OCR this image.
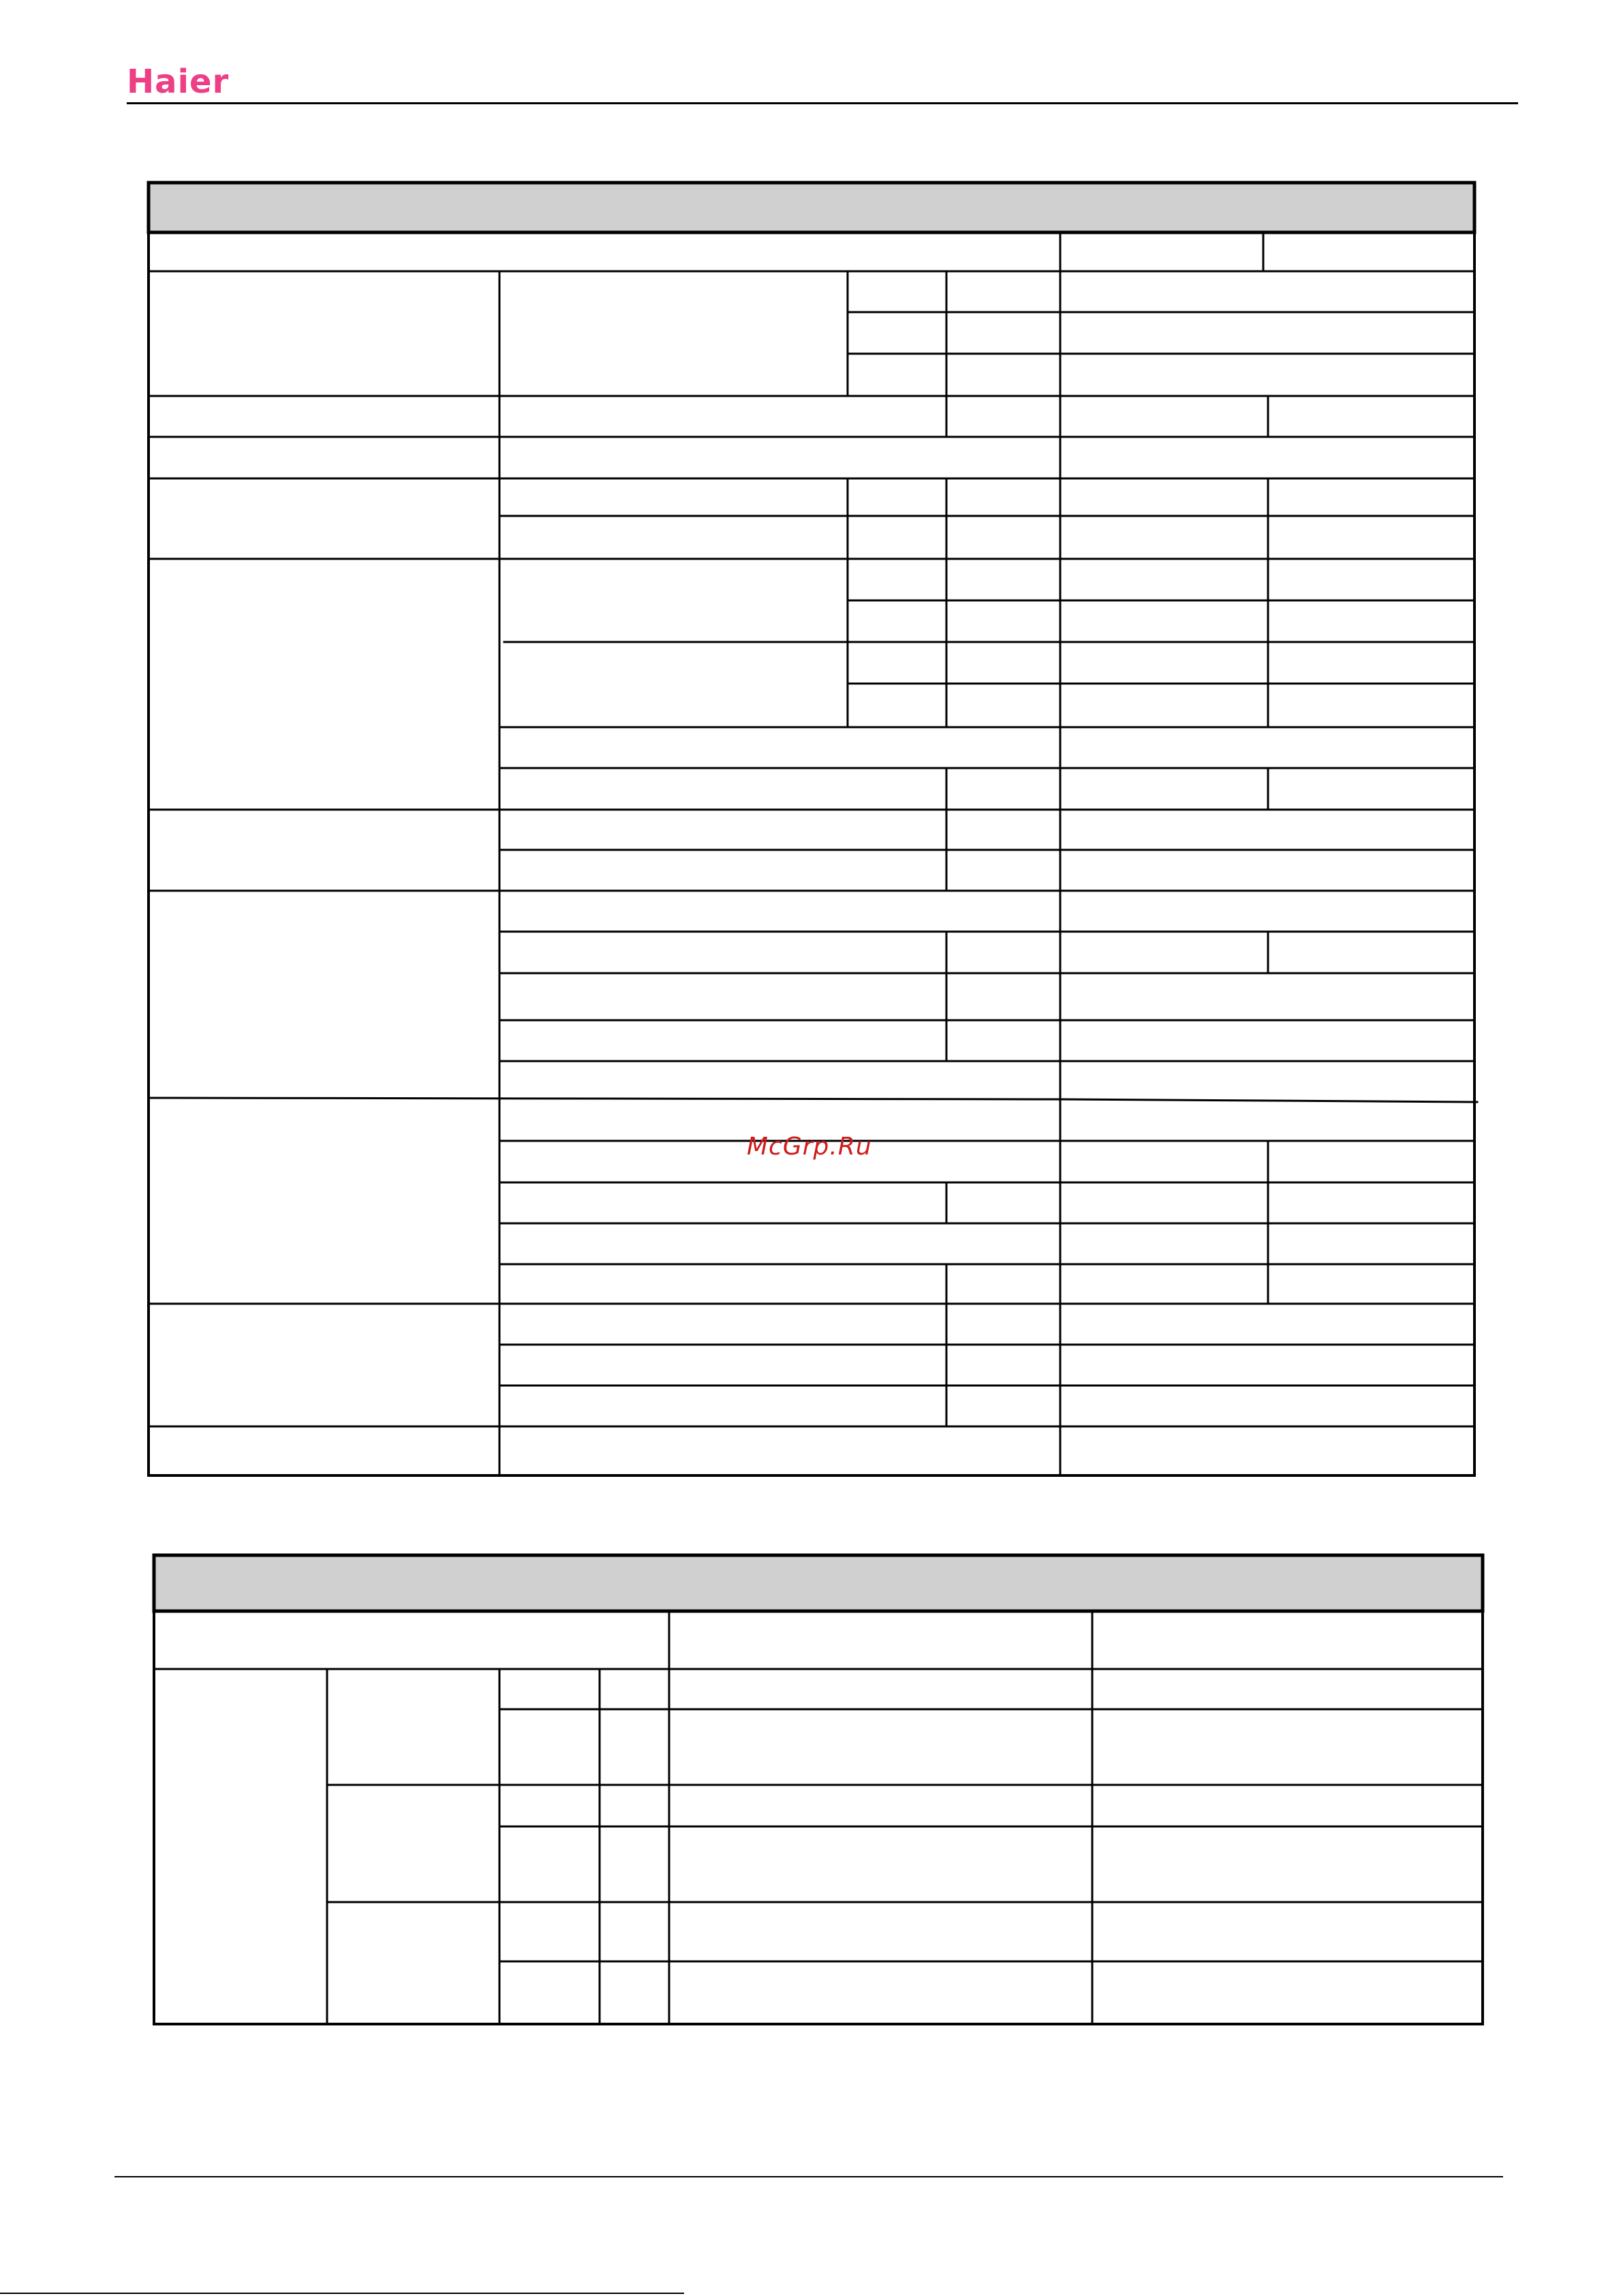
Haier
McGrp.Ru
